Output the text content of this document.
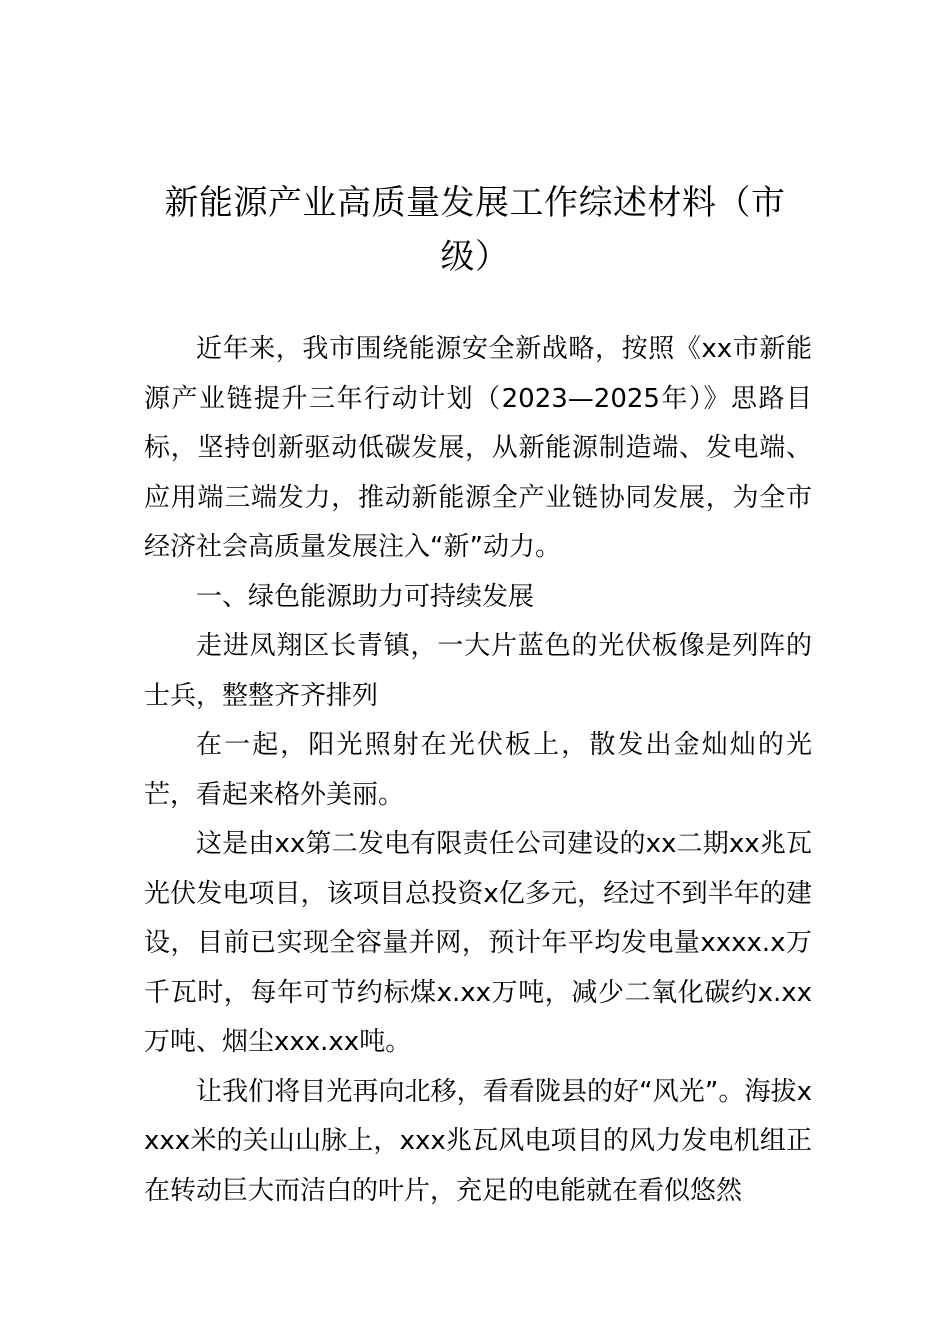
新能源产业高质量发展工作综述材料（市级）

近年来，我市围绕能源安全新战略，按照《xx市新能源产业链提升三年行动计划（2023—2025年）》思路目标，坚持创新驱动低碳发展，从新能源制造端、发电端、应用端三端发力，推动新能源全产业链协同发展，为全市经济社会高质量发展注入“新”动力。

一、绿色能源助力可持续发展

走进凤翔区长青镇，一大片蓝色的光伏板像是列阵的士兵，整整齐齐排列

在一起，阳光照射在光伏板上，散发出金灿灿的光芒，看起来格外美丽。

这是由xx第二发电有限责任公司建设的xx二期xx兆瓦光伏发电项目，该项目总投资x亿多元，经过不到半年的建设，目前已实现全容量并网，预计年平均发电量xxxx.x万千瓦时，每年可节约标煤x.xx万吨，减少二氧化碳约x.xx万吨、烟尘xxx.xx吨。

让我们将目光再向北移，看看陇县的好“风光”。海拔xxxx米的关山山脉上，xxx兆瓦风电项目的风力发电机组正在转动巨大而洁白的叶片，充足的电能就在看似悠然
